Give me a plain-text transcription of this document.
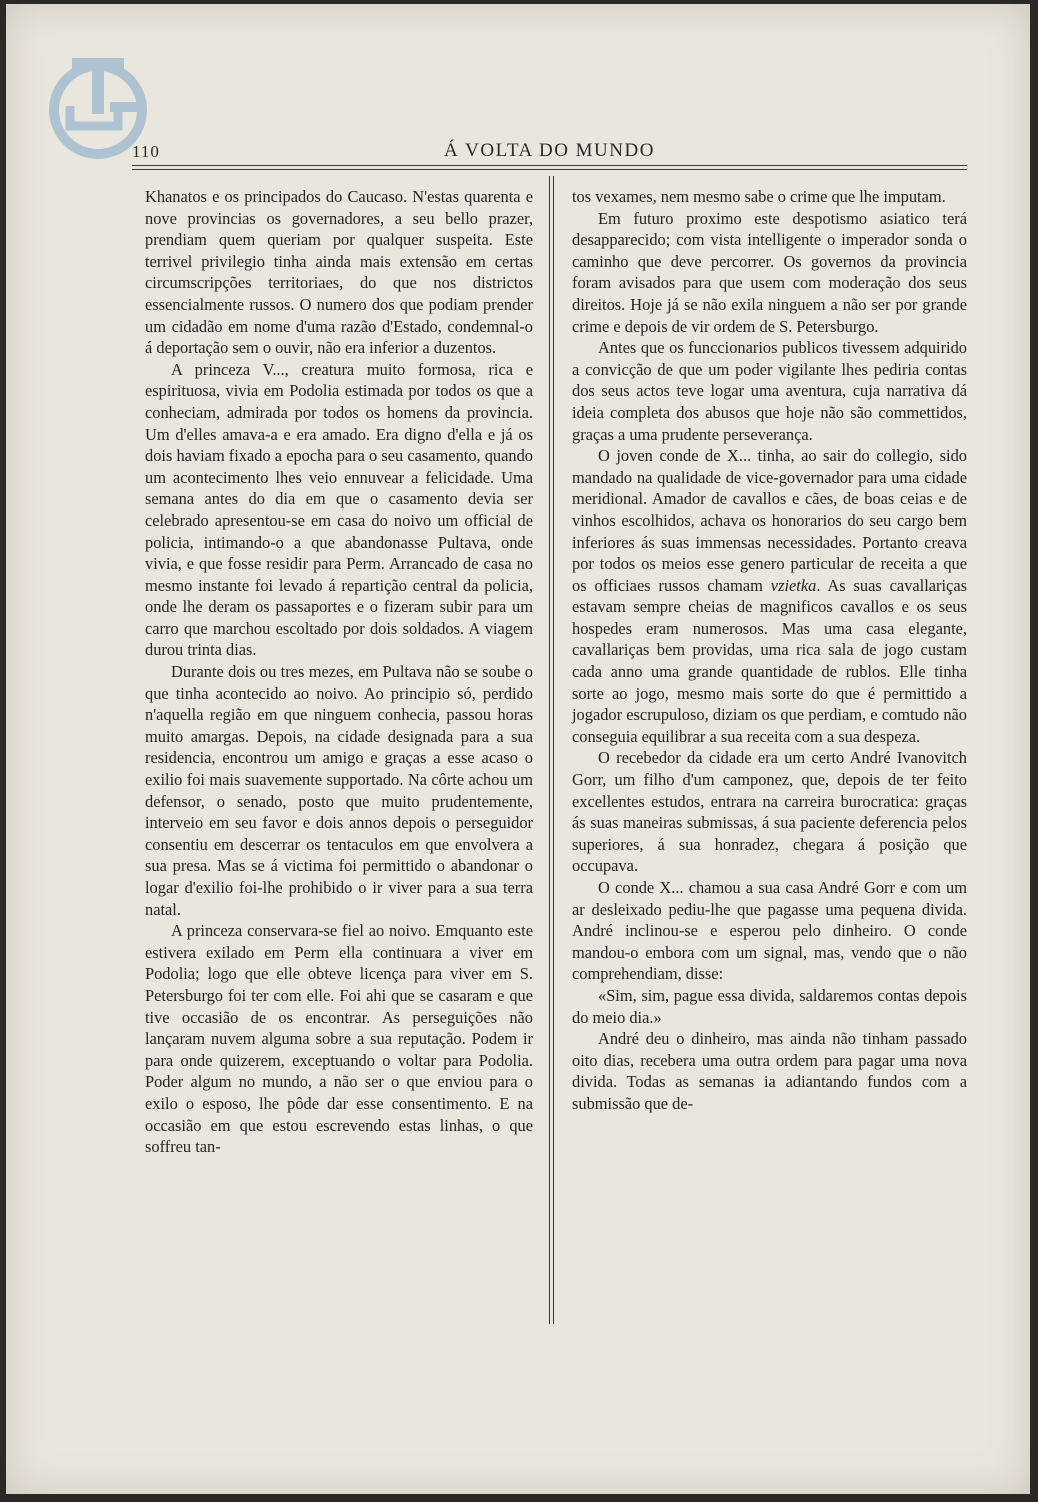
110	Á VOLTA DO MUNDO

Khanatos e os principados do Caucaso. N'estas quarenta e nove provincias os governadores, a seu bello prazer, prendiam quem queriam por qualquer suspeita. Este terrivel privilegio tinha ainda mais extensão em certas circumscripções territoriaes, do que nos districtos essencialmente russos. O numero dos que podiam prender um cidadão em nome d'uma razão d'Estado, condemnal-o á deportação sem o ouvir, não era inferior a duzentos.

A princeza V..., creatura muito formosa, rica e espirituosa, vivia em Podolia estimada por todos os que a conheciam, admirada por todos os homens da provincia. Um d'elles amava-a e era amado. Era digno d'ella e já os dois haviam fixado a epocha para o seu casamento, quando um acontecimento lhes veio ennuvear a felicidade. Uma semana antes do dia em que o casamento devia ser celebrado apresentou-se em casa do noivo um official de policia, intimando-o a que abandonasse Pultava, onde vivia, e que fosse residir para Perm. Arrancado de casa no mesmo instante foi levado á repartição central da policia, onde lhe deram os passaportes e o fizeram subir para um carro que marchou escoltado por dois soldados. A viagem durou trinta dias.

Durante dois ou tres mezes, em Pultava não se soube o que tinha acontecido ao noivo. Ao principio só, perdido n'aquella região em que ninguem conhecia, passou horas muito amargas. Depois, na cidade designada para a sua residencia, encontrou um amigo e graças a esse acaso o exilio foi mais suavemente supportado. Na côrte achou um defensor, o senado, posto que muito prudentemente, interveio em seu favor e dois annos depois o perseguidor consentiu em descerrar os tentaculos em que envolvera a sua presa. Mas se á victima foi permittido o abandonar o logar d'exilio foi-lhe prohibido o ir viver para a sua terra natal.

A princeza conservara-se fiel ao noivo. Emquanto este estivera exilado em Perm ella continuara a viver em Podolia; logo que elle obteve licença para viver em S. Petersburgo foi ter com elle. Foi ahi que se casaram e que tive occasião de os encontrar. As perseguições não lançaram nuvem alguma sobre a sua reputação. Podem ir para onde quizerem, exceptuando o voltar para Podolia. Poder algum no mundo, a não ser o que enviou para o exilo o esposo, lhe pôde dar esse consentimento. E na occasião em que estou escrevendo estas linhas, o que soffreu tan-

tos vexames, nem mesmo sabe o crime que lhe imputam.

Em futuro proximo este despotismo asiatico terá desapparecido; com vista intelligente o imperador sonda o caminho que deve percorrer. Os governos da provincia foram avisados para que usem com moderação dos seus direitos. Hoje já se não exila ninguem a não ser por grande crime e depois de vir ordem de S. Petersburgo.

Antes que os funccionarios publicos tivessem adquirido a convicção de que um poder vigilante lhes pediria contas dos seus actos teve logar uma aventura, cuja narrativa dá ideia completa dos abusos que hoje não são commettidos, graças a uma prudente perseverança.

O joven conde de X... tinha, ao sair do collegio, sido mandado na qualidade de vice-governador para uma cidade meridional. Amador de cavallos e cães, de boas ceias e de vinhos escolhidos, achava os honorarios do seu cargo bem inferiores ás suas immensas necessidades. Portanto creava por todos os meios esse genero particular de receita a que os officiaes russos chamam vzietka. As suas cavallariças estavam sempre cheias de magnificos cavallos e os seus hospedes eram numerosos. Mas uma casa elegante, cavallariças bem providas, uma rica sala de jogo custam cada anno uma grande quantidade de rublos. Elle tinha sorte ao jogo, mesmo mais sorte do que é permittido a jogador escrupuloso, diziam os que perdiam, e comtudo não conseguia equilibrar a sua receita com a sua despeza.

O recebedor da cidade era um certo André Ivanovitch Gorr, um filho d'um camponez, que, depois de ter feito excellentes estudos, entrara na carreira burocratica: graças ás suas maneiras submissas, á sua paciente deferencia pelos superiores, á sua honradez, chegara á posição que occupava.

O conde X... chamou a sua casa André Gorr e com um ar desleixado pediu-lhe que pagasse uma pequena divida. André inclinou-se e esperou pelo dinheiro. O conde mandou-o embora com um signal, mas, vendo que o não comprehendiam, disse:

«Sim, sim, pague essa divida, saldaremos contas depois do meio dia.»

André deu o dinheiro, mas ainda não tinham passado oito dias, recebera uma outra ordem para pagar uma nova divida. Todas as semanas ia adiantando fundos com a submissão que de-
